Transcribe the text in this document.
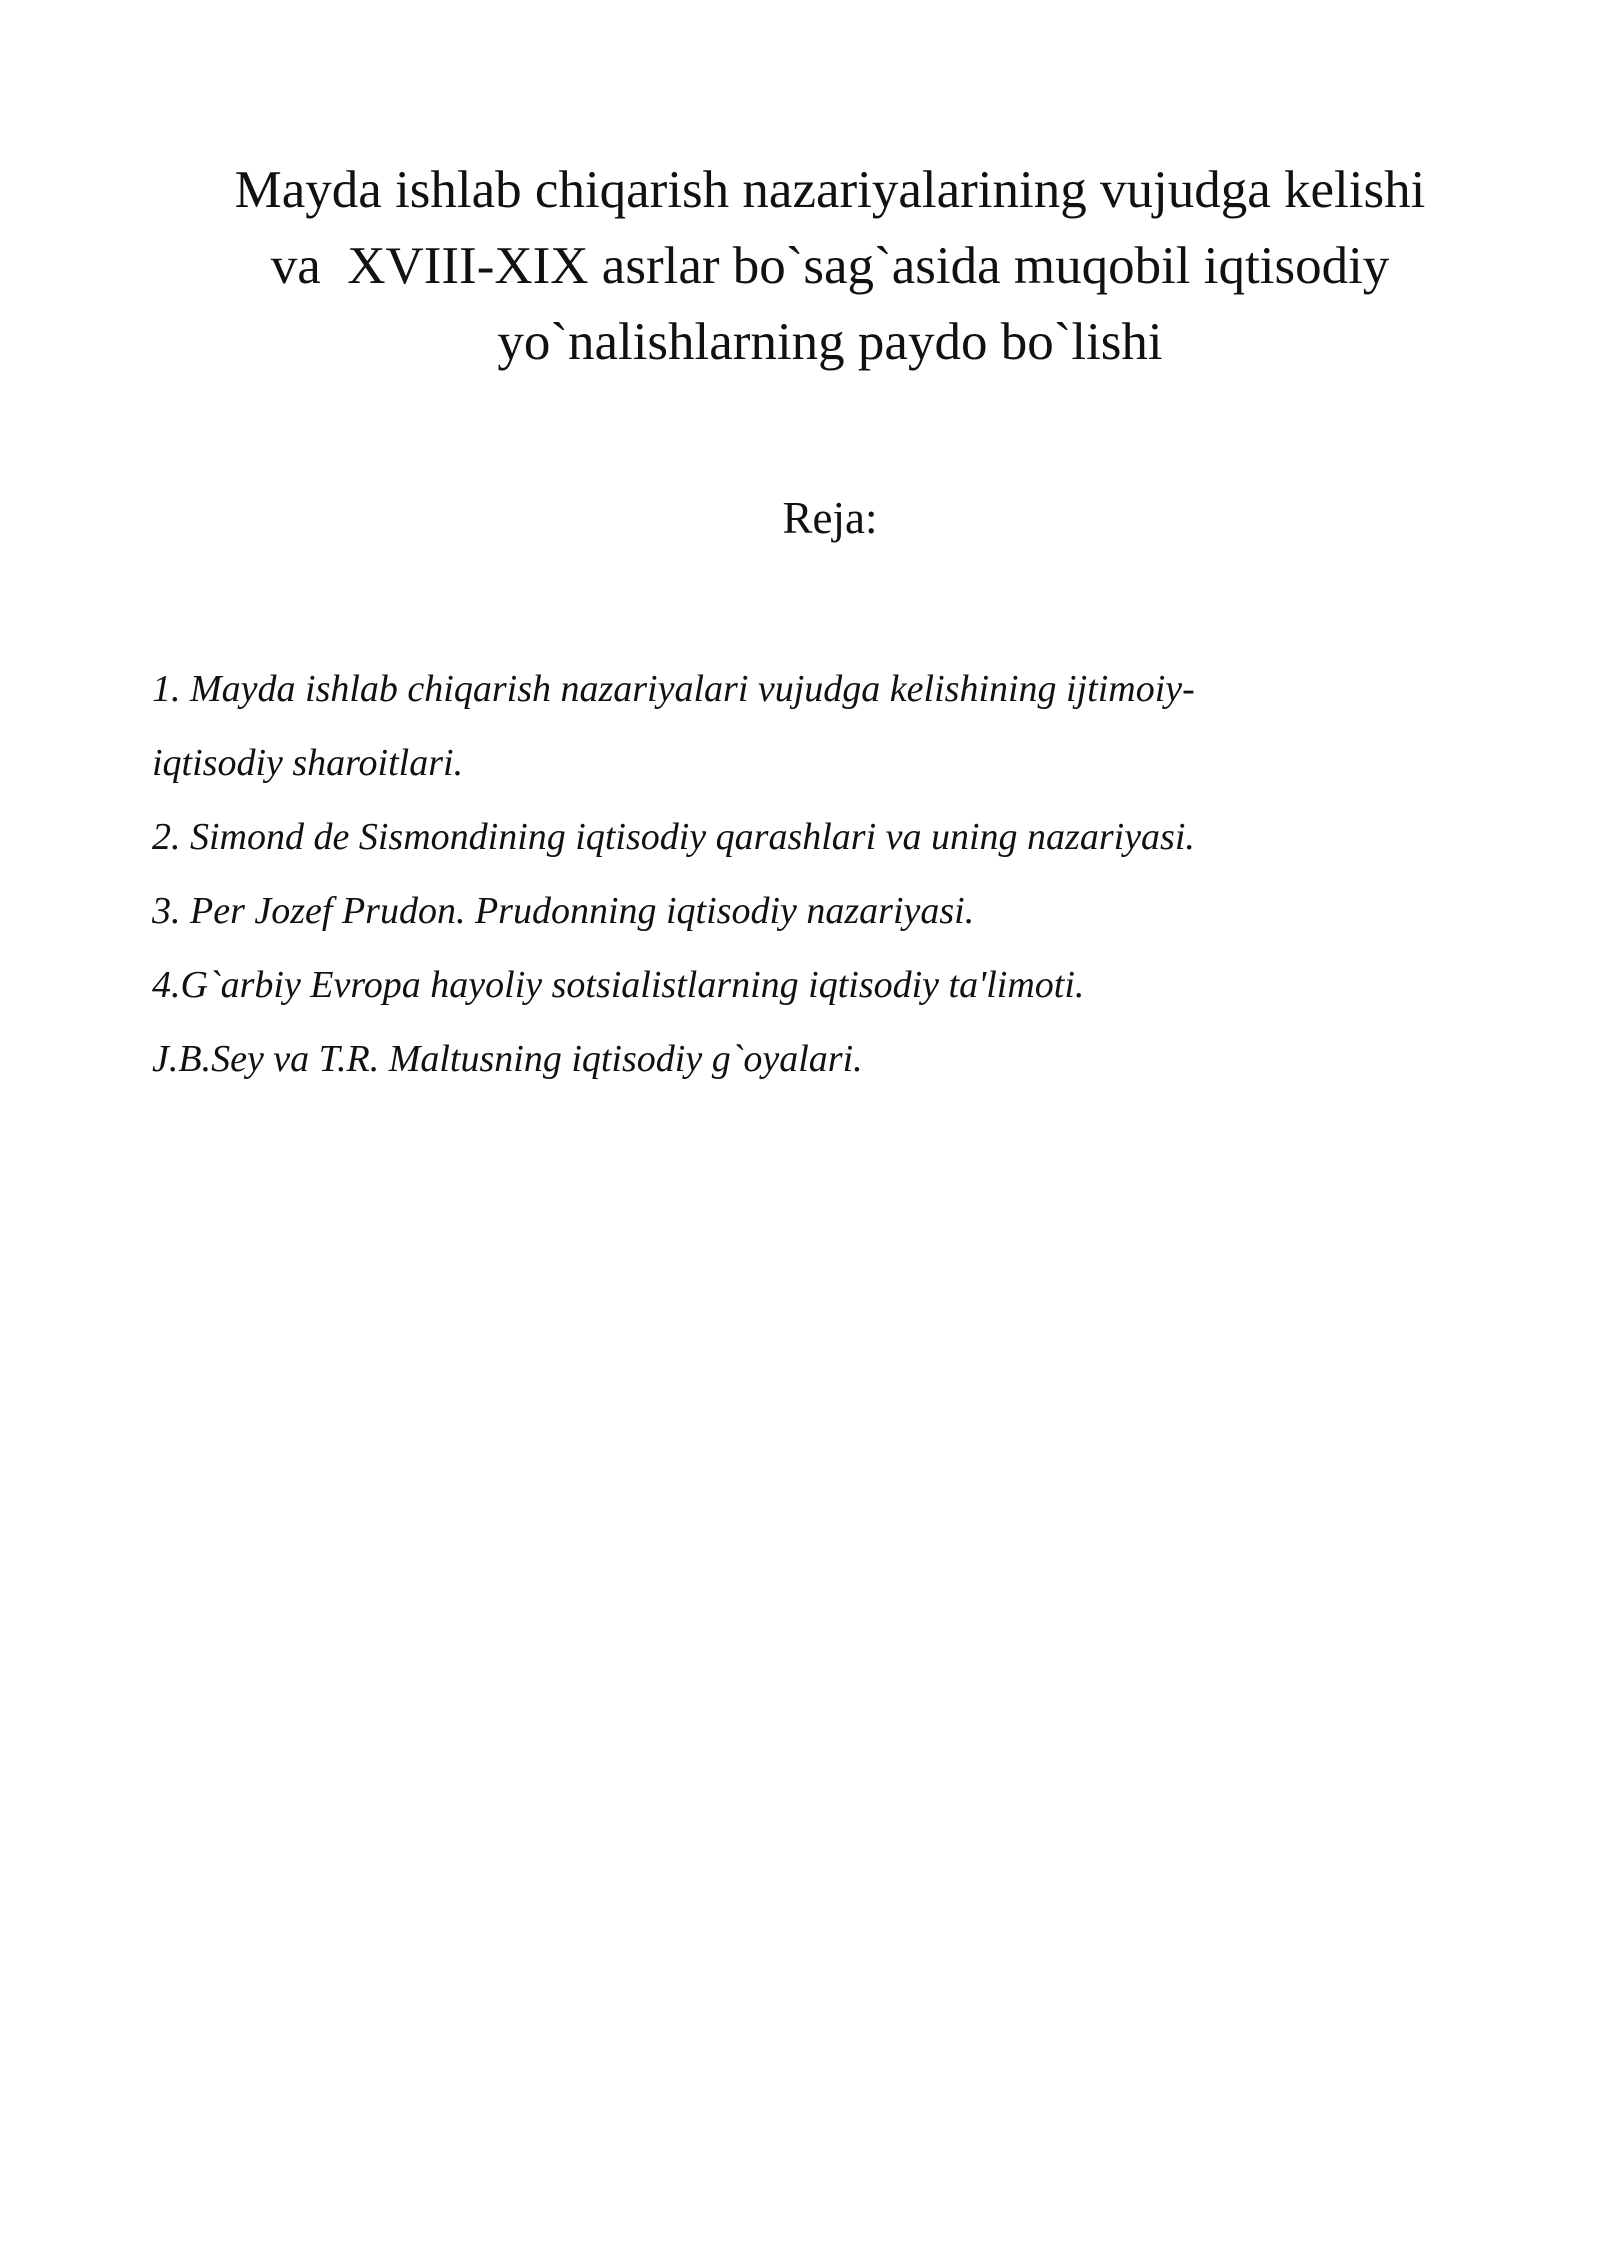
Mayda ishlab chiqarish nazariyalarining vujudga kelishi
va  XVIII-XIX asrlar bo`sag`asida muqobil iqtisodiy
yo`nalishlarning paydo bo`lishi

Reja:

1. Mayda ishlab chiqarish nazariyalari vujudga kelishining ijtimoiy-
iqtisodiy sharoitlari.
2. Simond de Sismondining iqtisodiy qarashlari va uning nazariyasi.
3. Per Jozef Prudon. Prudonning iqtisodiy nazariyasi.
4.G`arbiy Evropa hayoliy sotsialistlarning iqtisodiy ta'limoti.
J.B.Sey va T.R. Maltusning iqtisodiy g`oyalari.
